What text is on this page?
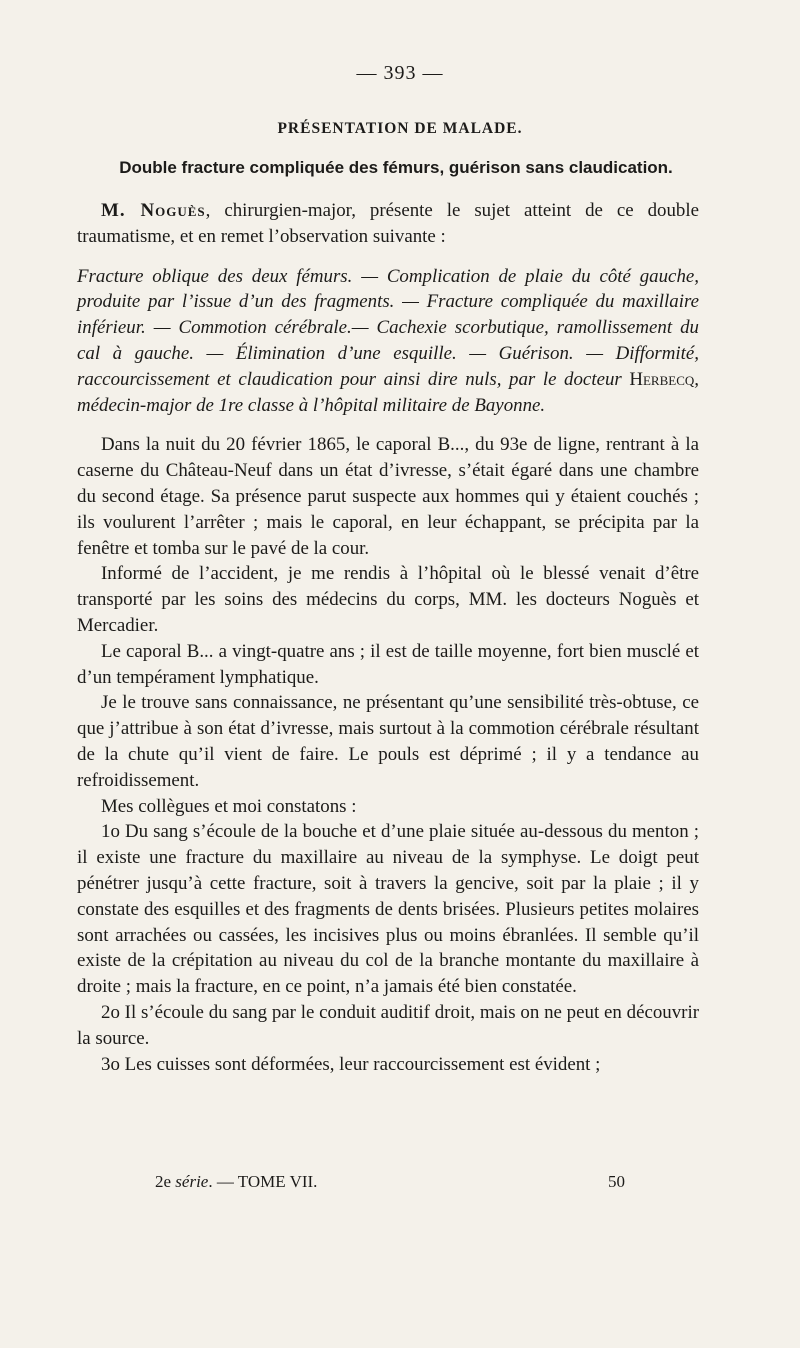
— 393 —
PRÉSENTATION DE MALADE.
Double fracture compliquée des fémurs, guérison sans claudication.

M. Noguès, chirurgien-major, présente le sujet atteint de ce double traumatisme, et en remet l’observation suivante :

Fracture oblique des deux fémurs. — Complication de plaie du côté gauche, produite par l’issue d’un des fragments. — Fracture compliquée du maxillaire inférieur. — Commotion cérébrale.— Cachexie scorbutique, ramollissement du cal à gauche. — Élimination d’une esquille. — Guérison. — Difformité, raccourcissement et claudication pour ainsi dire nuls, par le docteur Herbecq, médecin-major de 1re classe à l’hôpital militaire de Bayonne.

Dans la nuit du 20 février 1865, le caporal B..., du 93e de ligne, rentrant à la caserne du Château-Neuf dans un état d’ivresse, s’était égaré dans une chambre du second étage. Sa présence parut suspecte aux hommes qui y étaient couchés ; ils voulurent l’arrêter ; mais le caporal, en leur échappant, se précipita par la fenêtre et tomba sur le pavé de la cour.

Informé de l’accident, je me rendis à l’hôpital où le blessé venait d’être transporté par les soins des médecins du corps, MM. les docteurs Noguès et Mercadier.

Le caporal B... a vingt-quatre ans ; il est de taille moyenne, fort bien musclé et d’un tempérament lymphatique.

Je le trouve sans connaissance, ne présentant qu’une sensibilité très-obtuse, ce que j’attribue à son état d’ivresse, mais surtout à la commotion cérébrale résultant de la chute qu’il vient de faire. Le pouls est déprimé ; il y a tendance au refroidissement.

Mes collègues et moi constatons :

1o Du sang s’écoule de la bouche et d’une plaie située au-dessous du menton ; il existe une fracture du maxillaire au niveau de la symphyse. Le doigt peut pénétrer jusqu’à cette fracture, soit à travers la gencive, soit par la plaie ; il y constate des esquilles et des fragments de dents brisées. Plusieurs petites molaires sont arrachées ou cassées, les incisives plus ou moins ébranlées. Il semble qu’il existe de la crépitation au niveau du col de la branche montante du maxillaire à droite ; mais la fracture, en ce point, n’a jamais été bien constatée.

2o Il s’écoule du sang par le conduit auditif droit, mais on ne peut en découvrir la source.

3o Les cuisses sont déformées, leur raccourcissement est évident ;

2e série. — TOME VII.	50
